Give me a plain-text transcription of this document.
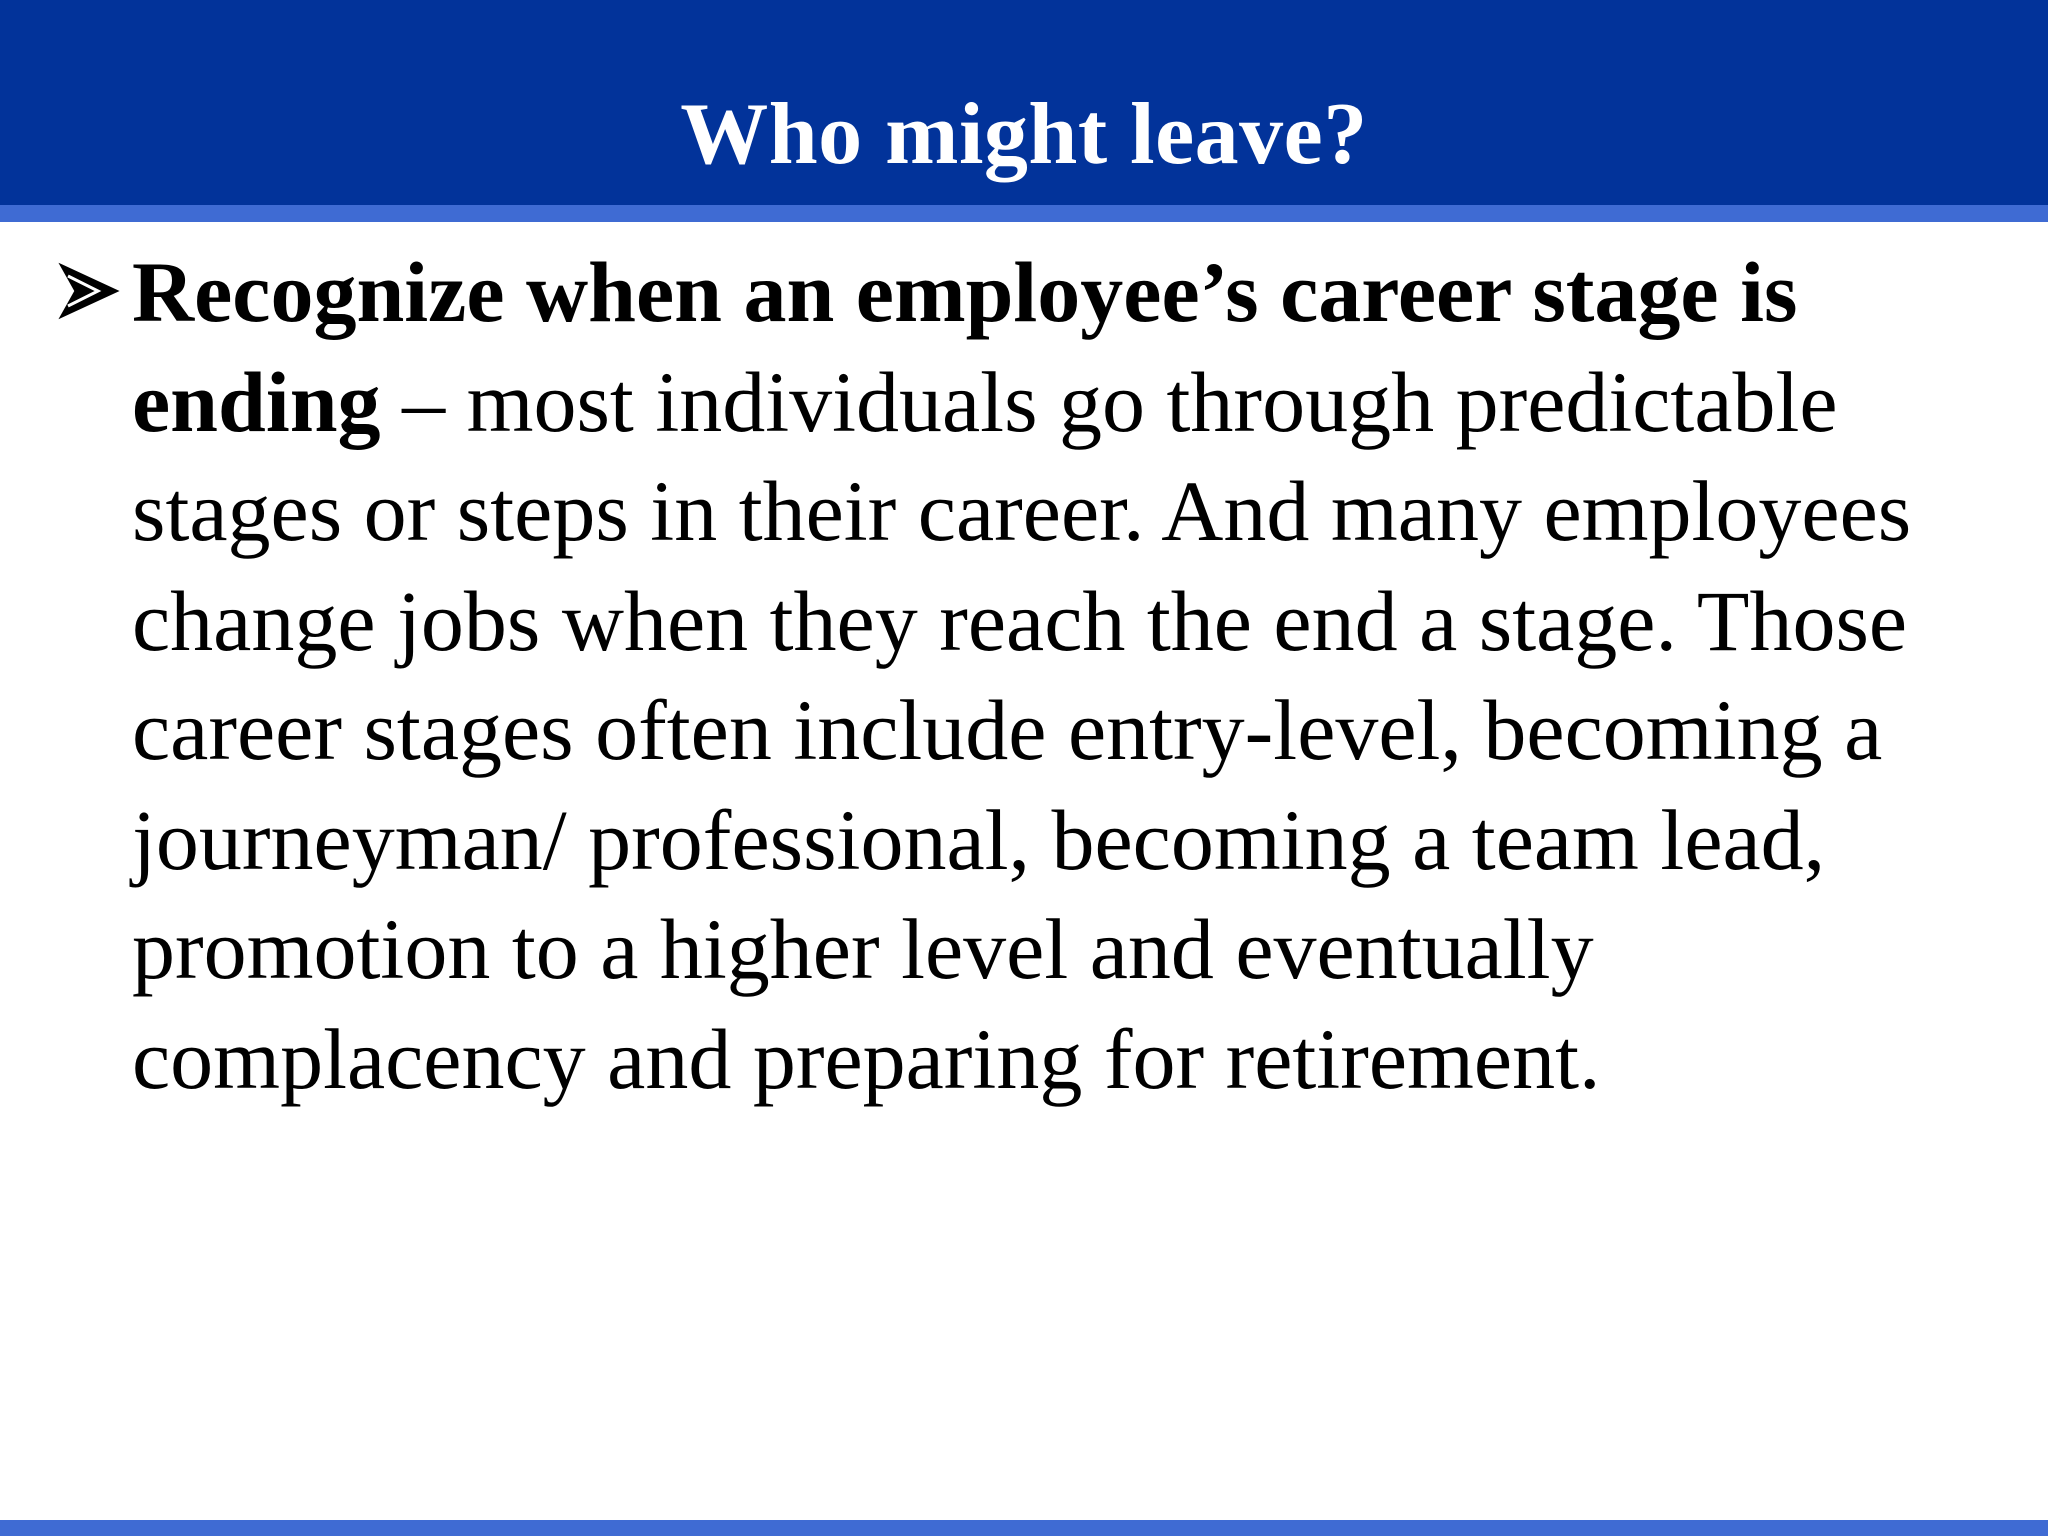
Who might leave?

Recognize when an employee’s career stage is ending – most individuals go through predictable stages or steps in their career. And many employees change jobs when they reach the end a stage. Those career stages often include entry-level, becoming a journeyman/ professional, becoming a team lead, promotion to a higher level and eventually complacency and preparing for retirement.
